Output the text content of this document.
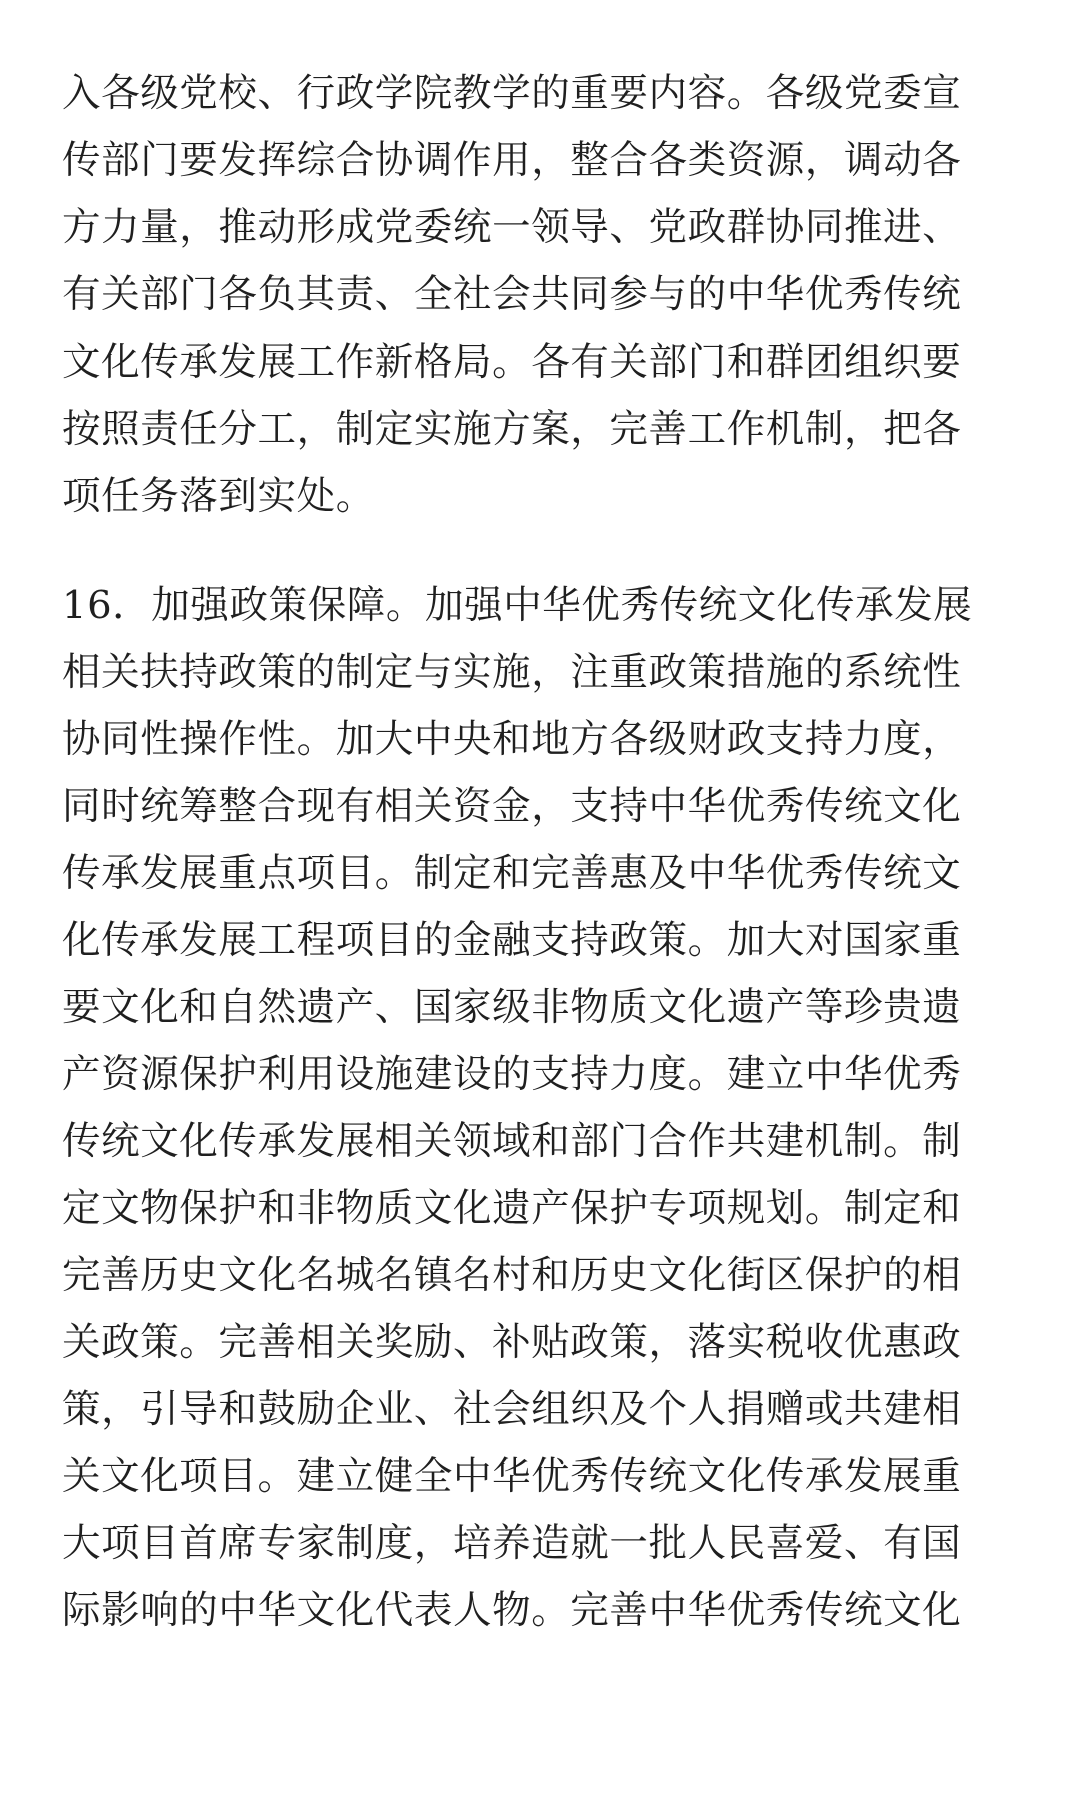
入各级党校、行政学院教学的重要内容。各级党委宣
传部门要发挥综合协调作用，整合各类资源，调动各
方力量，推动形成党委统一领导、党政群协同推进、
有关部门各负其责、全社会共同参与的中华优秀传统
文化传承发展工作新格局。各有关部门和群团组织要
按照责任分工，制定实施方案，完善工作机制，把各
项任务落到实处。
16．加强政策保障。加强中华优秀传统文化传承发展
相关扶持政策的制定与实施，注重政策措施的系统性
协同性操作性。加大中央和地方各级财政支持力度，
同时统筹整合现有相关资金，支持中华优秀传统文化
传承发展重点项目。制定和完善惠及中华优秀传统文
化传承发展工程项目的金融支持政策。加大对国家重
要文化和自然遗产、国家级非物质文化遗产等珍贵遗
产资源保护利用设施建设的支持力度。建立中华优秀
传统文化传承发展相关领域和部门合作共建机制。制
定文物保护和非物质文化遗产保护专项规划。制定和
完善历史文化名城名镇名村和历史文化街区保护的相
关政策。完善相关奖励、补贴政策，落实税收优惠政
策，引导和鼓励企业、社会组织及个人捐赠或共建相
关文化项目。建立健全中华优秀传统文化传承发展重
大项目首席专家制度，培养造就一批人民喜爱、有国
际影响的中华文化代表人物。完善中华优秀传统文化
